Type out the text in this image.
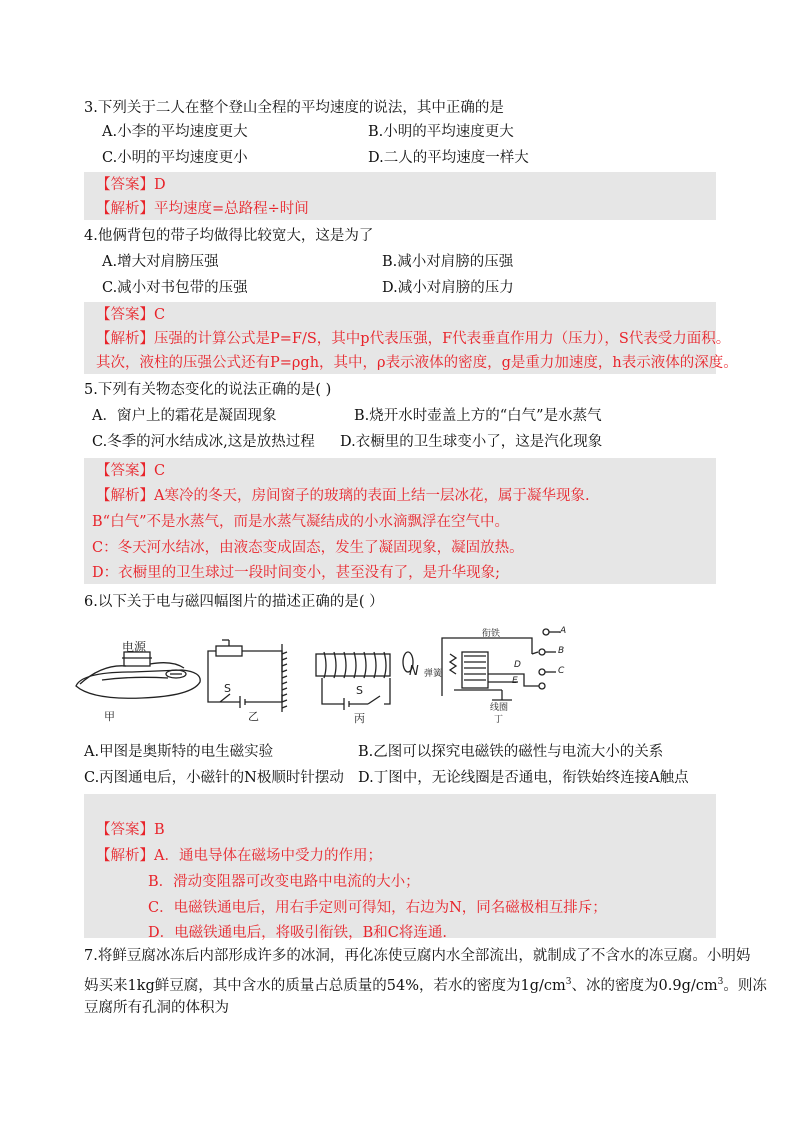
3.下列关于二人在整个登山全程的平均速度的说法，其中正确的是
A.小李的平均速度更大	B.小明的平均速度更大
C.小明的平均速度更小	D.二人的平均速度一样大
【答案】D
【解析】平均速度=总路程÷时间
4.他俩背包的带子均做得比较宽大，这是为了
A.增大对肩膀压强	B.减小对肩膀的压强
C.减小对书包带的压强	D.减小对肩膀的压力
【答案】C
【解析】压强的计算公式是P=F/S，其中p代表压强，F代表垂直作用力（压力），S代表受力面积。
其次，液柱的压强公式还有P=ρgh，其中，ρ表示液体的密度，g是重力加速度，h表示液体的深度。
5.下列有关物态变化的说法正确的是( )
A．窗户上的霜花是凝固现象	B.烧开水时壶盖上方的“白气”是水蒸气
C.冬季的河水结成冰,这是放热过程 D.衣橱里的卫生球变小了，这是汽化现象
【答案】C
【解析】A寒冷的冬天，房间窗子的玻璃的表面上结一层冰花，属于凝华现象.
B“白气”不是水蒸气，而是水蒸气凝结成的小水滴飘浮在空气中。
C：冬天河水结冰，由液态变成固态，发生了凝固现象，凝固放热。
D：衣橱里的卫生球过一段时间变小，甚至没有了，是升华现象;
6.以下关于电与磁四幅图片的描述正确的是( ）
电源
甲
S
乙
S
丙
N 弹簧
衔铁	A
B
D
C
E
线圈
丁
A.甲图是奥斯特的电生磁实验	B.乙图可以探究电磁铁的磁性与电流大小的关系
C.丙图通电后，小磁针的N极顺时针摆动 D.丁图中，无论线圈是否通电，衔铁始终连接A触点
【答案】B
【解析】A．通电导体在磁场中受力的作用；
B．滑动变阻器可改变电路中电流的大小；
C．电磁铁通电后，用右手定则可得知，右边为N，同名磁极相互排斥；
D．电磁铁通电后，将吸引衔铁，B和C将连通.
7.将鲜豆腐冰冻后内部形成许多的冰洞，再化冻使豆腐内水全部流出，就制成了不含水的冻豆腐。小明妈
妈买来1kg鲜豆腐，其中含水的质量占总质量的54%，若水的密度为$1g/cm^3$、冰的密度为$0.9g/cm^3$。则冻
豆腐所有孔洞的体积为
